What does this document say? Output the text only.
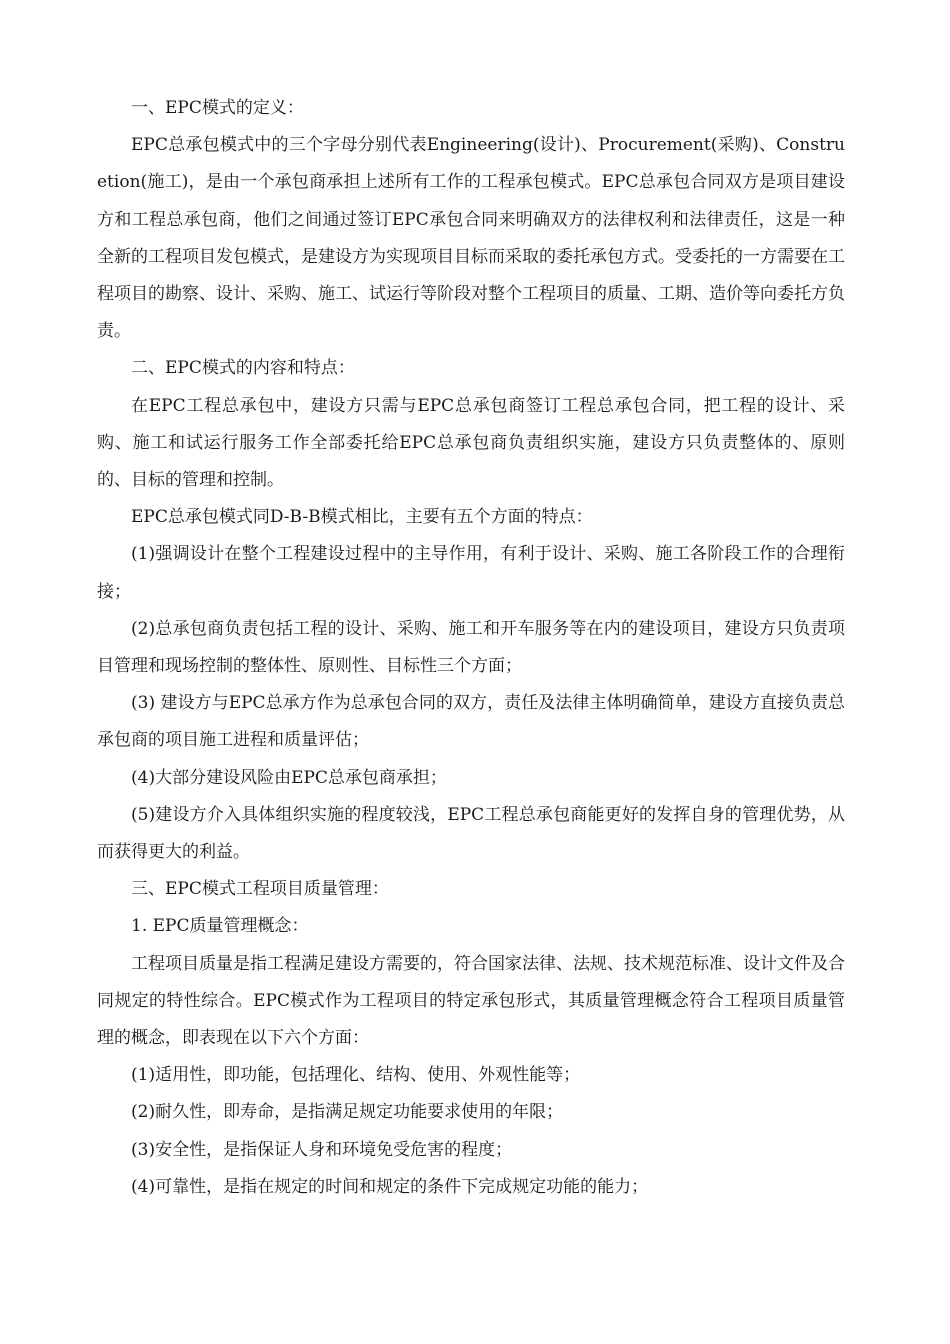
一、EPC模式的定义：

EPC总承包模式中的三个字母分别代表Engineering(设计)、Procurement(采购)、Construetion(施工)，是由一个承包商承担上述所有工作的工程承包模式。EPC总承包合同双方是项目建设方和工程总承包商，他们之间通过签订EPC承包合同来明确双方的法律权利和法律责任，这是一种全新的工程项目发包模式，是建设方为实现项目目标而采取的委托承包方式。受委托的一方需要在工程项目的勘察、设计、采购、施工、试运行等阶段对整个工程项目的质量、工期、造价等向委托方负责。

二、EPC模式的内容和特点：

在EPC工程总承包中，建设方只需与EPC总承包商签订工程总承包合同，把工程的设计、采购、施工和试运行服务工作全部委托给EPC总承包商负责组织实施，建设方只负责整体的、原则的、目标的管理和控制。

EPC总承包模式同D-B-B模式相比，主要有五个方面的特点：

(1)强调设计在整个工程建设过程中的主导作用，有利于设计、采购、施工各阶段工作的合理衔接；

(2)总承包商负责包括工程的设计、采购、施工和开车服务等在内的建设项目，建设方只负责项目管理和现场控制的整体性、原则性、目标性三个方面；

(3) 建设方与EPC总承方作为总承包合同的双方，责任及法律主体明确简单，建设方直接负责总承包商的项目施工进程和质量评估；

(4)大部分建设风险由EPC总承包商承担；

(5)建设方介入具体组织实施的程度较浅，EPC工程总承包商能更好的发挥自身的管理优势，从而获得更大的利益。

三、EPC模式工程项目质量管理：

1. EPC质量管理概念：

工程项目质量是指工程满足建设方需要的，符合国家法律、法规、技术规范标准、设计文件及合同规定的特性综合。EPC模式作为工程项目的特定承包形式，其质量管理概念符合工程项目质量管理的概念，即表现在以下六个方面：

(1)适用性，即功能，包括理化、结构、使用、外观性能等；

(2)耐久性，即寿命，是指满足规定功能要求使用的年限；

(3)安全性，是指保证人身和环境免受危害的程度；

(4)可靠性，是指在规定的时间和规定的条件下完成规定功能的能力；
